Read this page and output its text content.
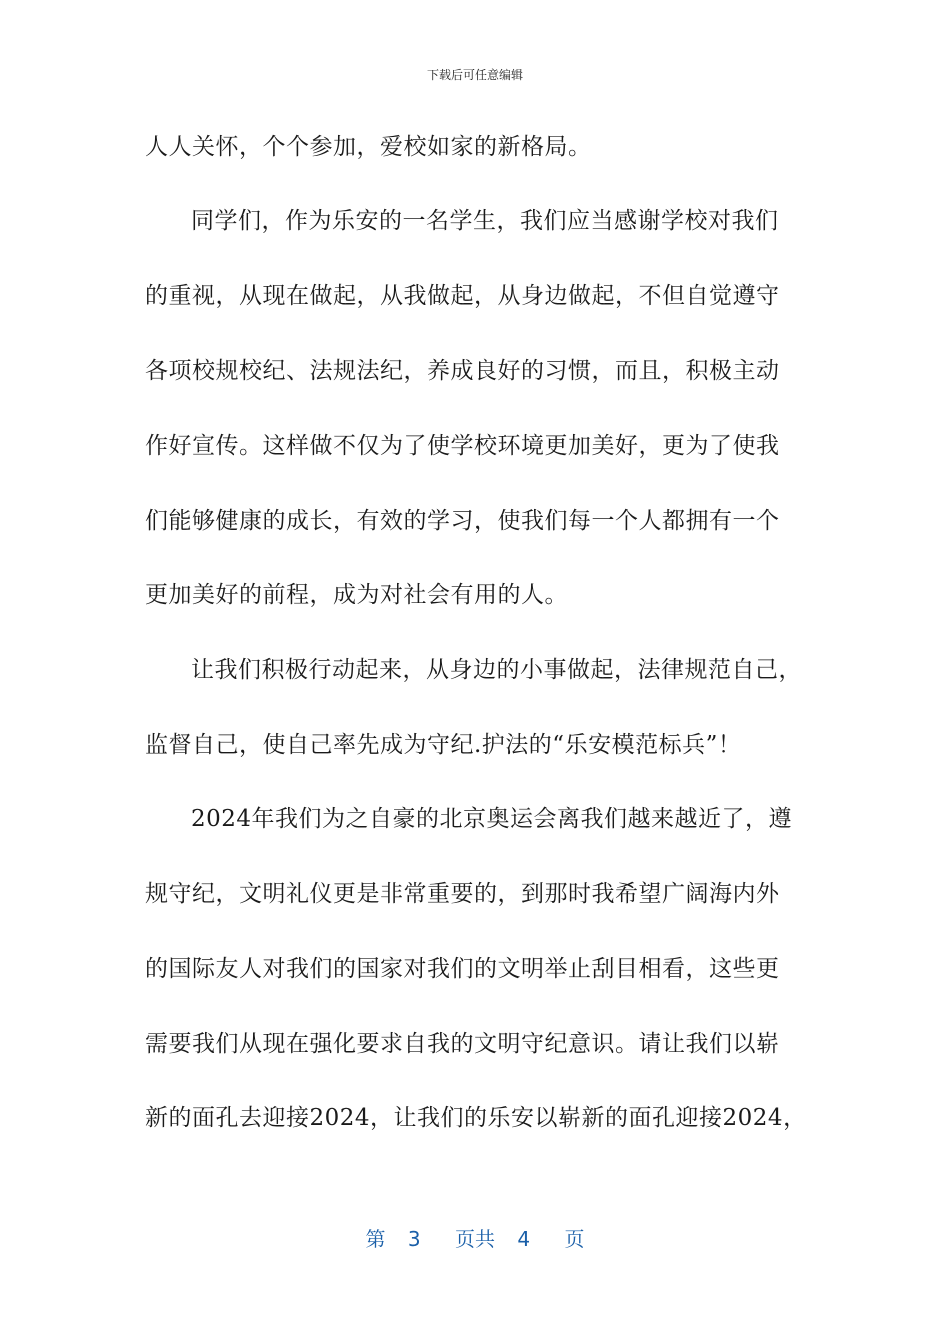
下载后可任意编辑
人人关怀，个个参加，爱校如家的新格局。
同学们，作为乐安的一名学生，我们应当感谢学校对我们
的重视，从现在做起，从我做起，从身边做起，不但自觉遵守
各项校规校纪、法规法纪，养成良好的习惯，而且，积极主动
作好宣传。这样做不仅为了使学校环境更加美好，更为了使我
们能够健康的成长，有效的学习，使我们每一个人都拥有一个
更加美好的前程，成为对社会有用的人。
让我们积极行动起来，从身边的小事做起，法律规范自己，
监督自己，使自己率先成为守纪.护法的“乐安模范标兵”！
2024年我们为之自豪的北京奥运会离我们越来越近了，遵
规守纪，文明礼仪更是非常重要的，到那时我希望广阔海内外
的国际友人对我们的国家对我们的文明举止刮目相看，这些更
需要我们从现在强化要求自我的文明守纪意识。请让我们以崭
新的面孔去迎接2024，让我们的乐安以崭新的面孔迎接2024，
第 3 页共 4 页
